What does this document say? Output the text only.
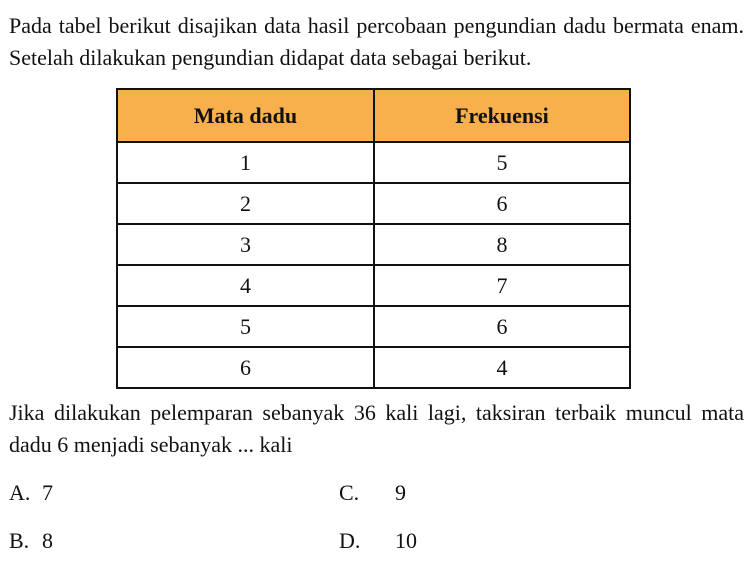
Pada tabel berikut disajikan data hasil percobaan pengundian dadu bermata enam. Setelah dilakukan pengundian didapat data sebagai berikut.

Mata dadu	Frekuensi
1	5
2	6
3	8
4	7
5	6
6	4

Jika dilakukan pelemparan sebanyak 36 kali lagi, taksiran terbaik muncul mata dadu 6 menjadi sebanyak ... kali

A. 7
B. 8
C.	9
D.	10
